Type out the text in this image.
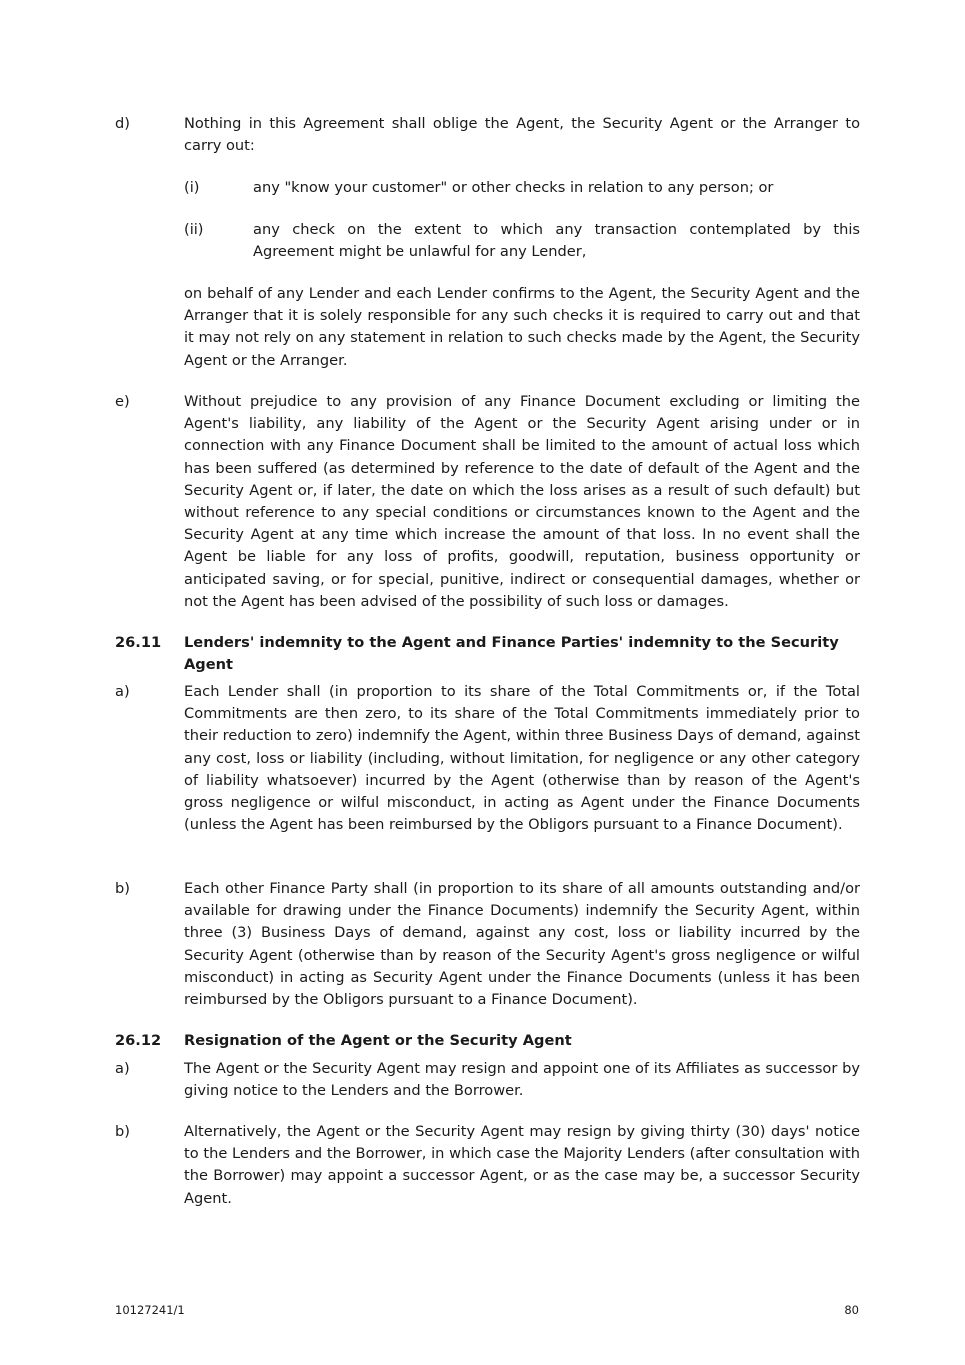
d)	Nothing in this Agreement shall oblige the Agent, the Security Agent or the Arranger to carry out:
(i)	any "know your customer" or other checks in relation to any person; or
(ii)	any check on the extent to which any transaction contemplated by this Agreement might be unlawful for any Lender,
on behalf of any Lender and each Lender confirms to the Agent, the Security Agent and the Arranger that it is solely responsible for any such checks it is required to carry out and that it may not rely on any statement in relation to such checks made by the Agent, the Security Agent or the Arranger.
e)	Without prejudice to any provision of any Finance Document excluding or limiting the Agent's liability, any liability of the Agent or the Security Agent arising under or in connection with any Finance Document shall be limited to the amount of actual loss which has been suffered (as determined by reference to the date of default of the Agent and the Security Agent or, if later, the date on which the loss arises as a result of such default) but without reference to any special conditions or circumstances known to the Agent and the Security Agent at any time which increase the amount of that loss. In no event shall the Agent be liable for any loss of profits, goodwill, reputation, business opportunity or anticipated saving, or for special, punitive, indirect or consequential damages, whether or not the Agent has been advised of the possibility of such loss or damages.
26.11 Lenders' indemnity to the Agent and Finance Parties' indemnity to the Security Agent
a)	Each Lender shall (in proportion to its share of the Total Commitments or, if the Total Commitments are then zero, to its share of the Total Commitments immediately prior to their reduction to zero) indemnify the Agent, within three Business Days of demand, against any cost, loss or liability (including, without limitation, for negligence or any other category of liability whatsoever) incurred by the Agent (otherwise than by reason of the Agent's gross negligence or wilful misconduct, in acting as Agent under the Finance Documents (unless the Agent has been reimbursed by the Obligors pursuant to a Finance Document).
b)	Each other Finance Party shall (in proportion to its share of all amounts outstanding and/or available for drawing under the Finance Documents) indemnify the Security Agent, within three (3) Business Days of demand, against any cost, loss or liability incurred by the Security Agent (otherwise than by reason of the Security Agent's gross negligence or wilful misconduct) in acting as Security Agent under the Finance Documents (unless it has been reimbursed by the Obligors pursuant to a Finance Document).
26.12 Resignation of the Agent or the Security Agent
a)	The Agent or the Security Agent may resign and appoint one of its Affiliates as successor by giving notice to the Lenders and the Borrower.
b)	Alternatively, the Agent or the Security Agent may resign by giving thirty (30) days' notice to the Lenders and the Borrower, in which case the Majority Lenders (after consultation with the Borrower) may appoint a successor Agent, or as the case may be, a successor Security Agent.
10127241/1	80
